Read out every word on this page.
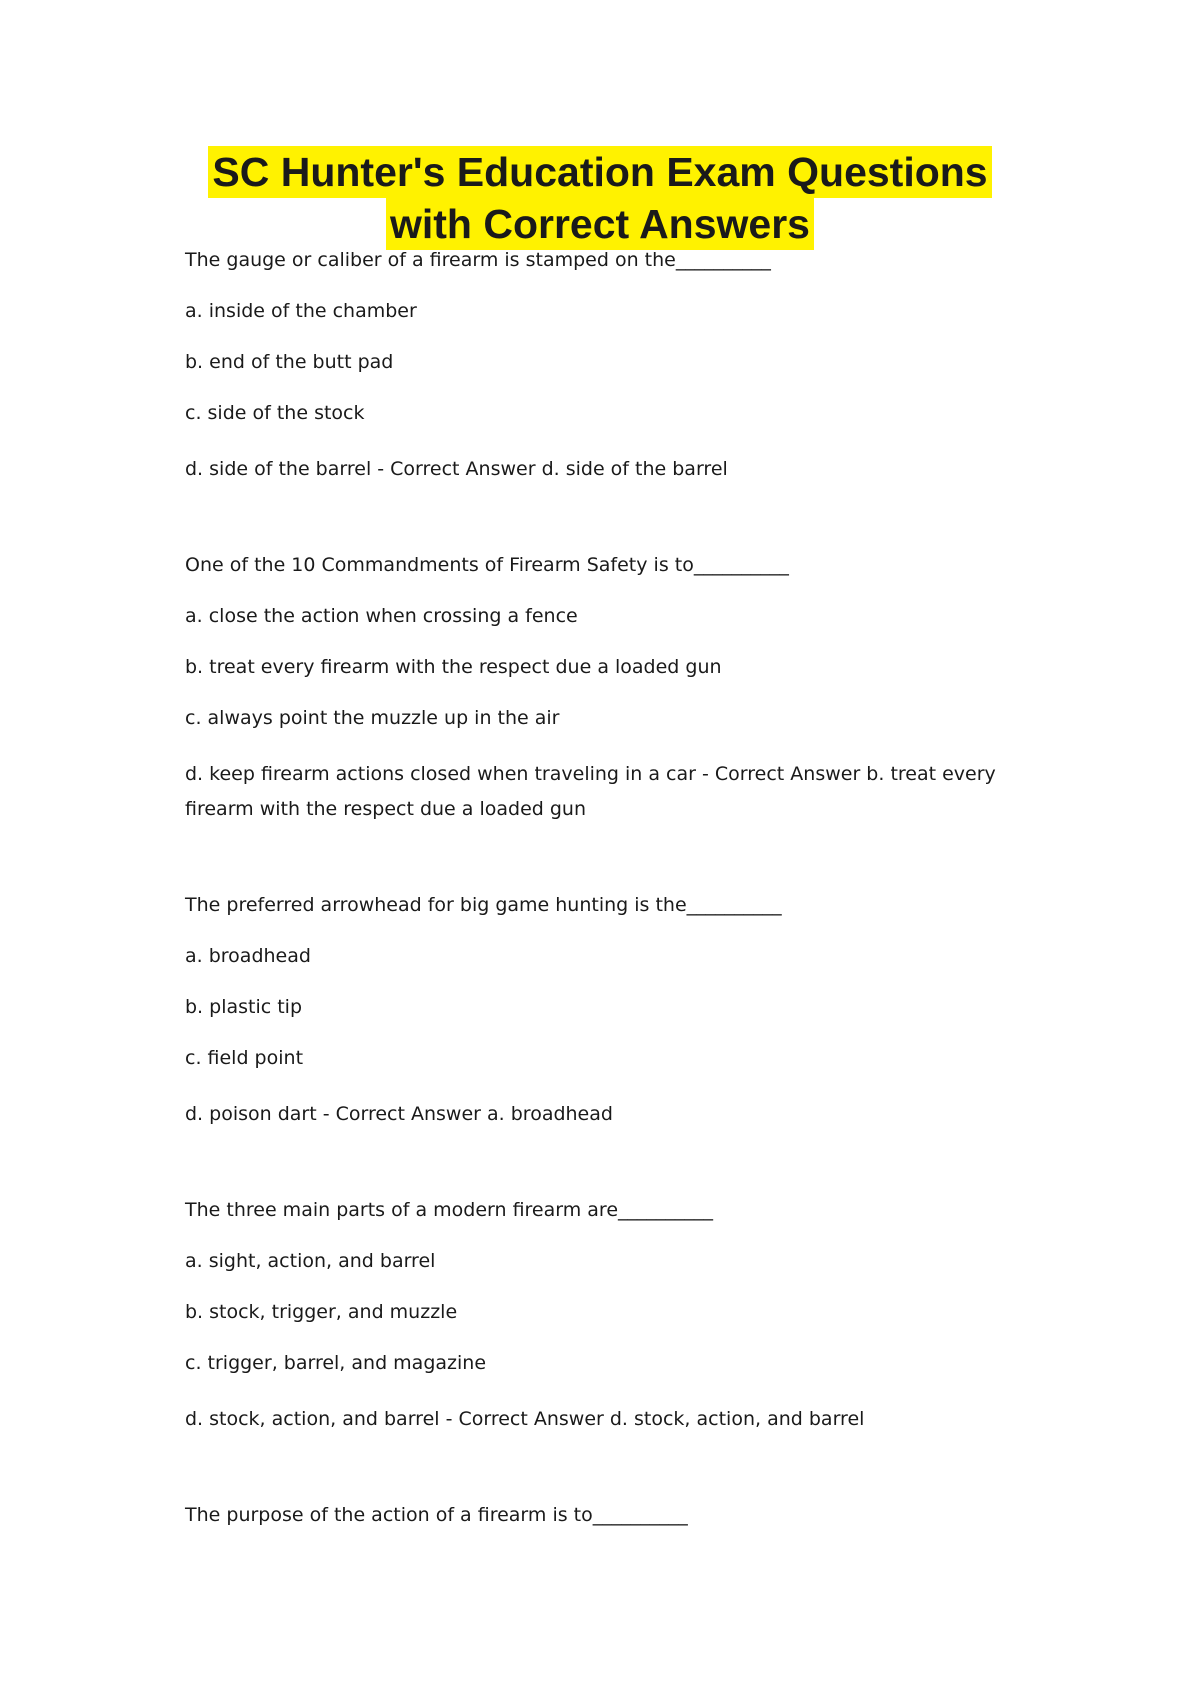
SC Hunter's Education Exam Questions
with Correct Answers

The gauge or caliber of a firearm is stamped on the__________

a. inside of the chamber

b. end of the butt pad

c. side of the stock

d. side of the barrel - Correct Answer d. side of the barrel

One of the 10 Commandments of Firearm Safety is to__________

a. close the action when crossing a fence

b. treat every firearm with the respect due a loaded gun

c. always point the muzzle up in the air

d. keep firearm actions closed when traveling in a car - Correct Answer b. treat every firearm with the respect due a loaded gun

The preferred arrowhead for big game hunting is the__________

a. broadhead

b. plastic tip

c. field point

d. poison dart - Correct Answer a. broadhead

The three main parts of a modern firearm are__________

a. sight, action, and barrel

b. stock, trigger, and muzzle

c. trigger, barrel, and magazine

d. stock, action, and barrel - Correct Answer d. stock, action, and barrel

The purpose of the action of a firearm is to__________
